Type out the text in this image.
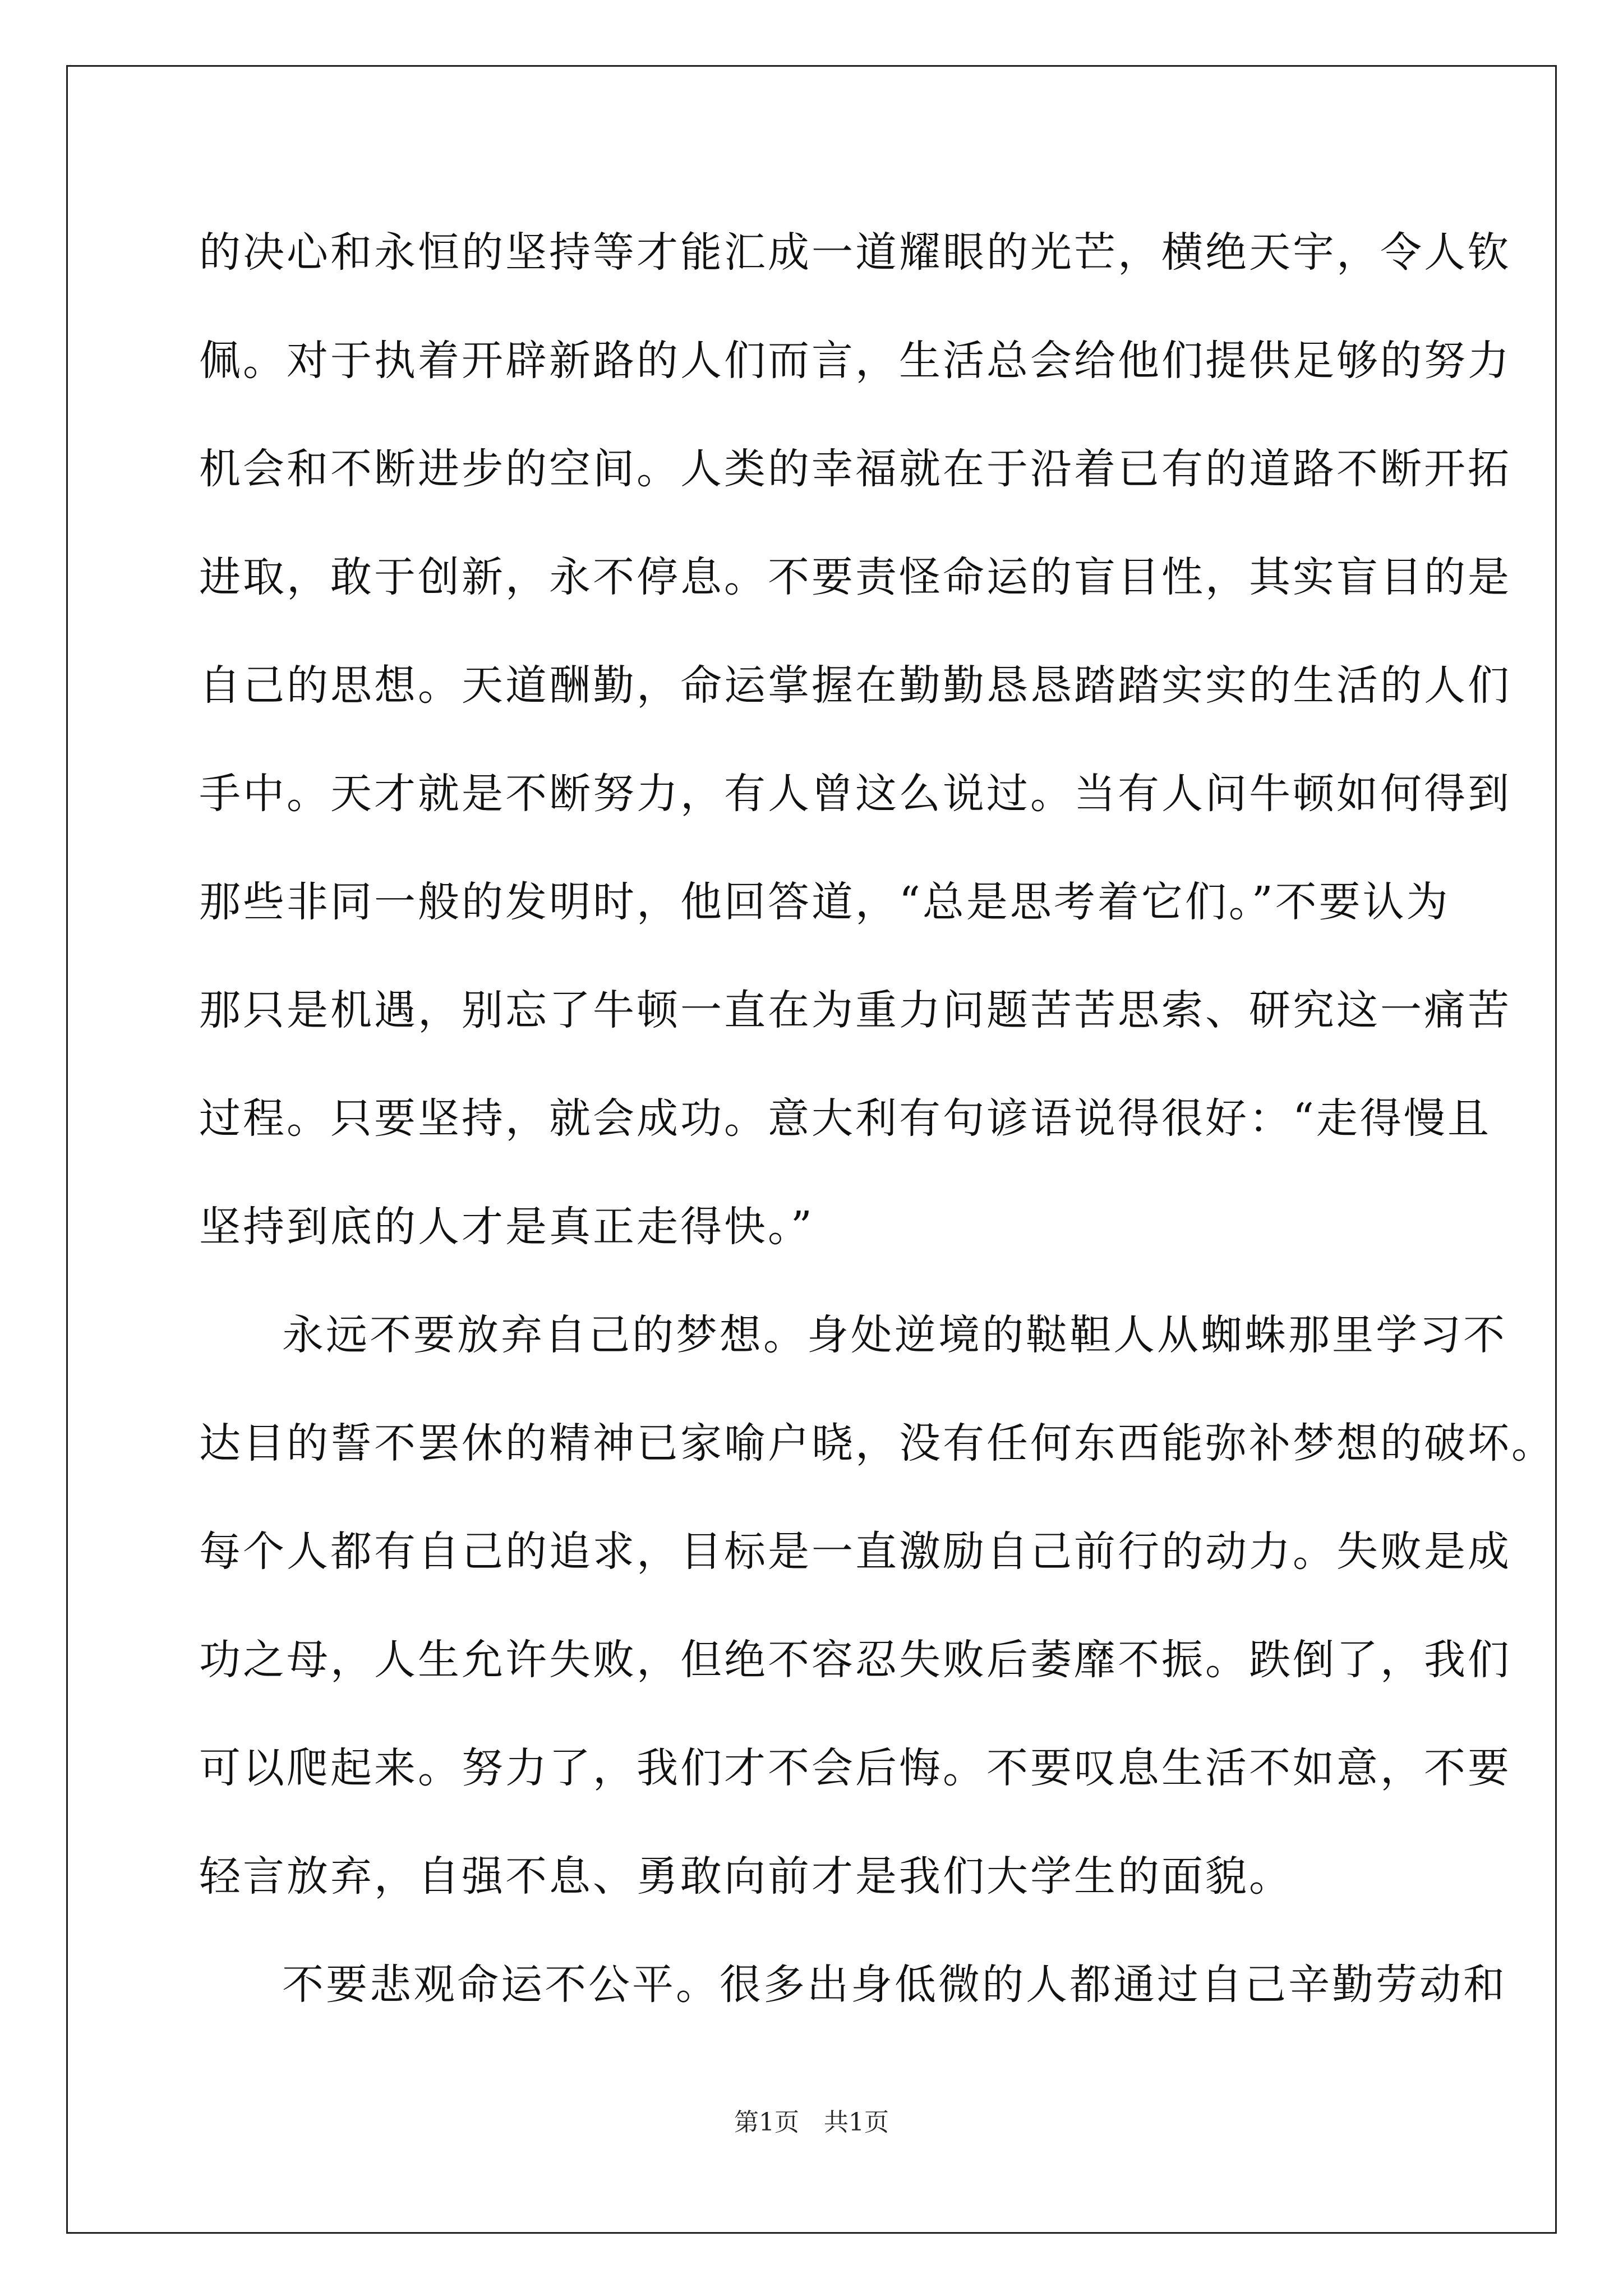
的决心和永恒的坚持等才能汇成一道耀眼的光芒，横绝天宇，令人钦
佩。对于执着开辟新路的人们而言，生活总会给他们提供足够的努力
机会和不断进步的空间。人类的幸福就在于沿着已有的道路不断开拓
进取，敢于创新，永不停息。不要责怪命运的盲目性，其实盲目的是
自己的思想。天道酬勤，命运掌握在勤勤恳恳踏踏实实的生活的人们
手中。天才就是不断努力，有人曾这么说过。当有人问牛顿如何得到
那些非同一般的发明时，他回答道，“总是思考着它们。”不要认为
那只是机遇，别忘了牛顿一直在为重力问题苦苦思索、研究这一痛苦
过程。只要坚持，就会成功。意大利有句谚语说得很好：“走得慢且
坚持到底的人才是真正走得快。”
永远不要放弃自己的梦想。身处逆境的鞑靼人从蜘蛛那里学习不
达目的誓不罢休的精神已家喻户晓，没有任何东西能弥补梦想的破坏。
每个人都有自己的追求，目标是一直激励自己前行的动力。失败是成
功之母，人生允许失败，但绝不容忍失败后萎靡不振。跌倒了，我们
可以爬起来。努力了，我们才不会后悔。不要叹息生活不如意，不要
轻言放弃，自强不息、勇敢向前才是我们大学生的面貌。
不要悲观命运不公平。很多出身低微的人都通过自己辛勤劳动和
第1页　共1页
